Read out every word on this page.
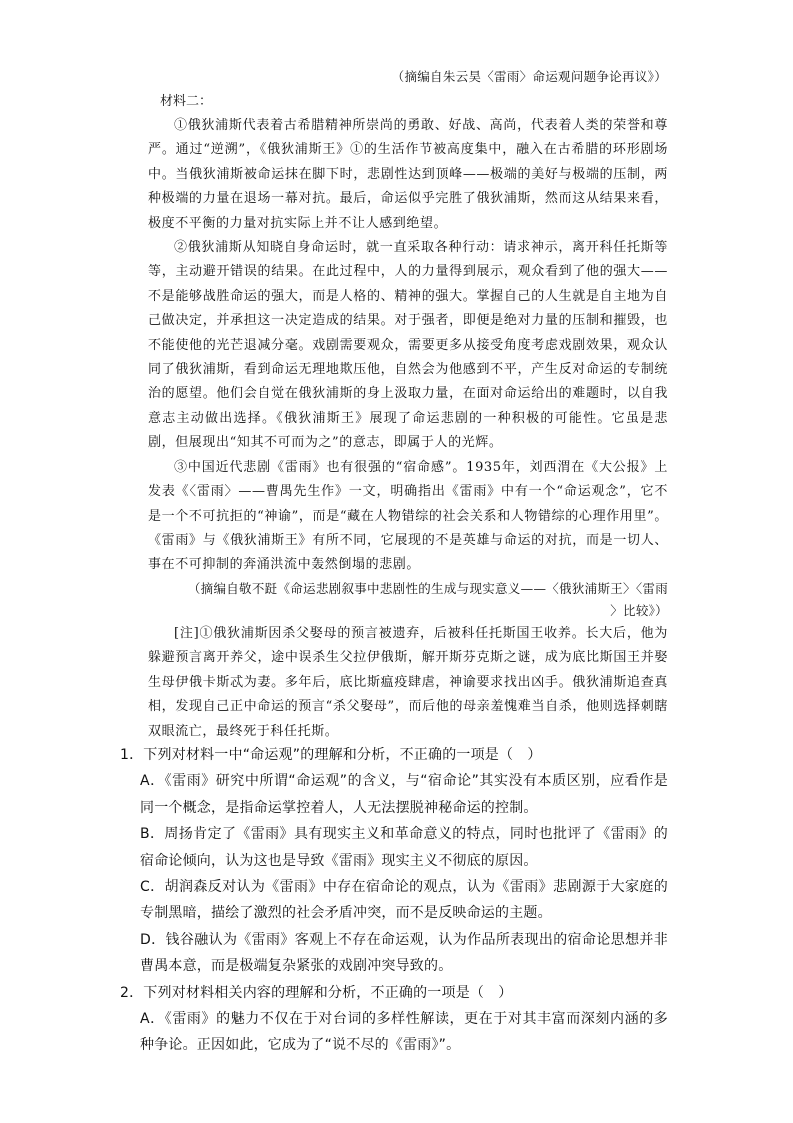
（摘编自朱云昊〈雷雨〉命运观问题争论再议》）
材料二：

①俄狄浦斯代表着古希腊精神所崇尚的勇敢、好战、高尚，代表着人类的荣誉和尊严。通过“逆溯”，《俄狄浦斯王》①的生活作节被高度集中，融入在古希腊的环形剧场中。当俄狄浦斯被命运抹在脚下时，悲剧性达到顶峰——极端的美好与极端的压制，两种极端的力量在退场一幕对抗。最后，命运似乎完胜了俄狄浦斯，然而这从结果来看，极度不平衡的力量对抗实际上并不让人感到绝望。

②俄狄浦斯从知晓自身命运时，就一直采取各种行动：请求神示，离开科任托斯等等，主动避开错误的结果。在此过程中，人的力量得到展示，观众看到了他的强大——不是能够战胜命运的强大，而是人格的、精神的强大。掌握自己的人生就是自主地为自己做决定，并承担这一决定造成的结果。对于强者，即便是绝对力量的压制和摧毁，也不能使他的光芒退减分毫。戏剧需要观众，需要更多从接受角度考虑戏剧效果，观众认同了俄狄浦斯，看到命运无理地欺压他，自然会为他感到不平，产生反对命运的专制统治的愿望。他们会自觉在俄狄浦斯的身上汲取力量，在面对命运给出的难题时，以自我意志主动做出选择。《俄狄浦斯王》展现了命运悲剧的一种积极的可能性。它虽是悲剧，但展现出“知其不可而为之”的意志，即属于人的光辉。

③中国近代悲剧《雷雨》也有很强的“宿命感”。1935年，刘西渭在《大公报》上发表《〈雷雨〉——曹禺先生作》一文，明确指出《雷雨》中有一个“命运观念”，它不是一个不可抗拒的“神谕”，而是“藏在人物错综的社会关系和人物错综的心理作用里”。《雷雨》与《俄狄浦斯王》有所不同，它展现的不是英雄与命运的对抗，而是一切人、事在不可抑制的奔涌洪流中轰然倒塌的悲剧。

（摘编自敬不跹《命运悲剧叙事中悲剧性的生成与现实意义——〈俄狄浦斯王〉〈雷雨
〉比较》）

[注]①俄狄浦斯因杀父娶母的预言被遗弃，后被科任托斯国王收养。长大后，他为躲避预言离开养父，途中误杀生父拉伊俄斯，解开斯芬克斯之谜，成为底比斯国王并娶生母伊俄卡斯忒为妻。多年后，底比斯瘟疫肆虐，神谕要求找出凶手。俄狄浦斯追查真相，发现自己正中命运的预言“杀父娶母”，而后他的母亲羞愧难当自杀，他则选择刺瞎双眼流亡，最终死于科任托斯。

1．下列对材料一中“命运观”的理解和分析，不正确的一项是（　）

A．《雷雨》研究中所谓“命运观”的含义，与“宿命论”其实没有本质区别，应看作是同一个概念，是指命运掌控着人，人无法摆脱神秘命运的控制。

B．周扬肯定了《雷雨》具有现实主义和革命意义的特点，同时也批评了《雷雨》的宿命论倾向，认为这也是导致《雷雨》现实主义不彻底的原因。

C．胡润森反对认为《雷雨》中存在宿命论的观点，认为《雷雨》悲剧源于大家庭的专制黑暗，描绘了激烈的社会矛盾冲突，而不是反映命运的主题。

D．钱谷融认为《雷雨》客观上不存在命运观，认为作品所表现出的宿命论思想并非曹禺本意，而是极端复杂紧张的戏剧冲突导致的。

2．下列对材料相关内容的理解和分析，不正确的一项是（　）

A．《雷雨》的魅力不仅在于对台词的多样性解读，更在于对其丰富而深刻内涵的多种争论。正因如此，它成为了“说不尽的《雷雨》”。
